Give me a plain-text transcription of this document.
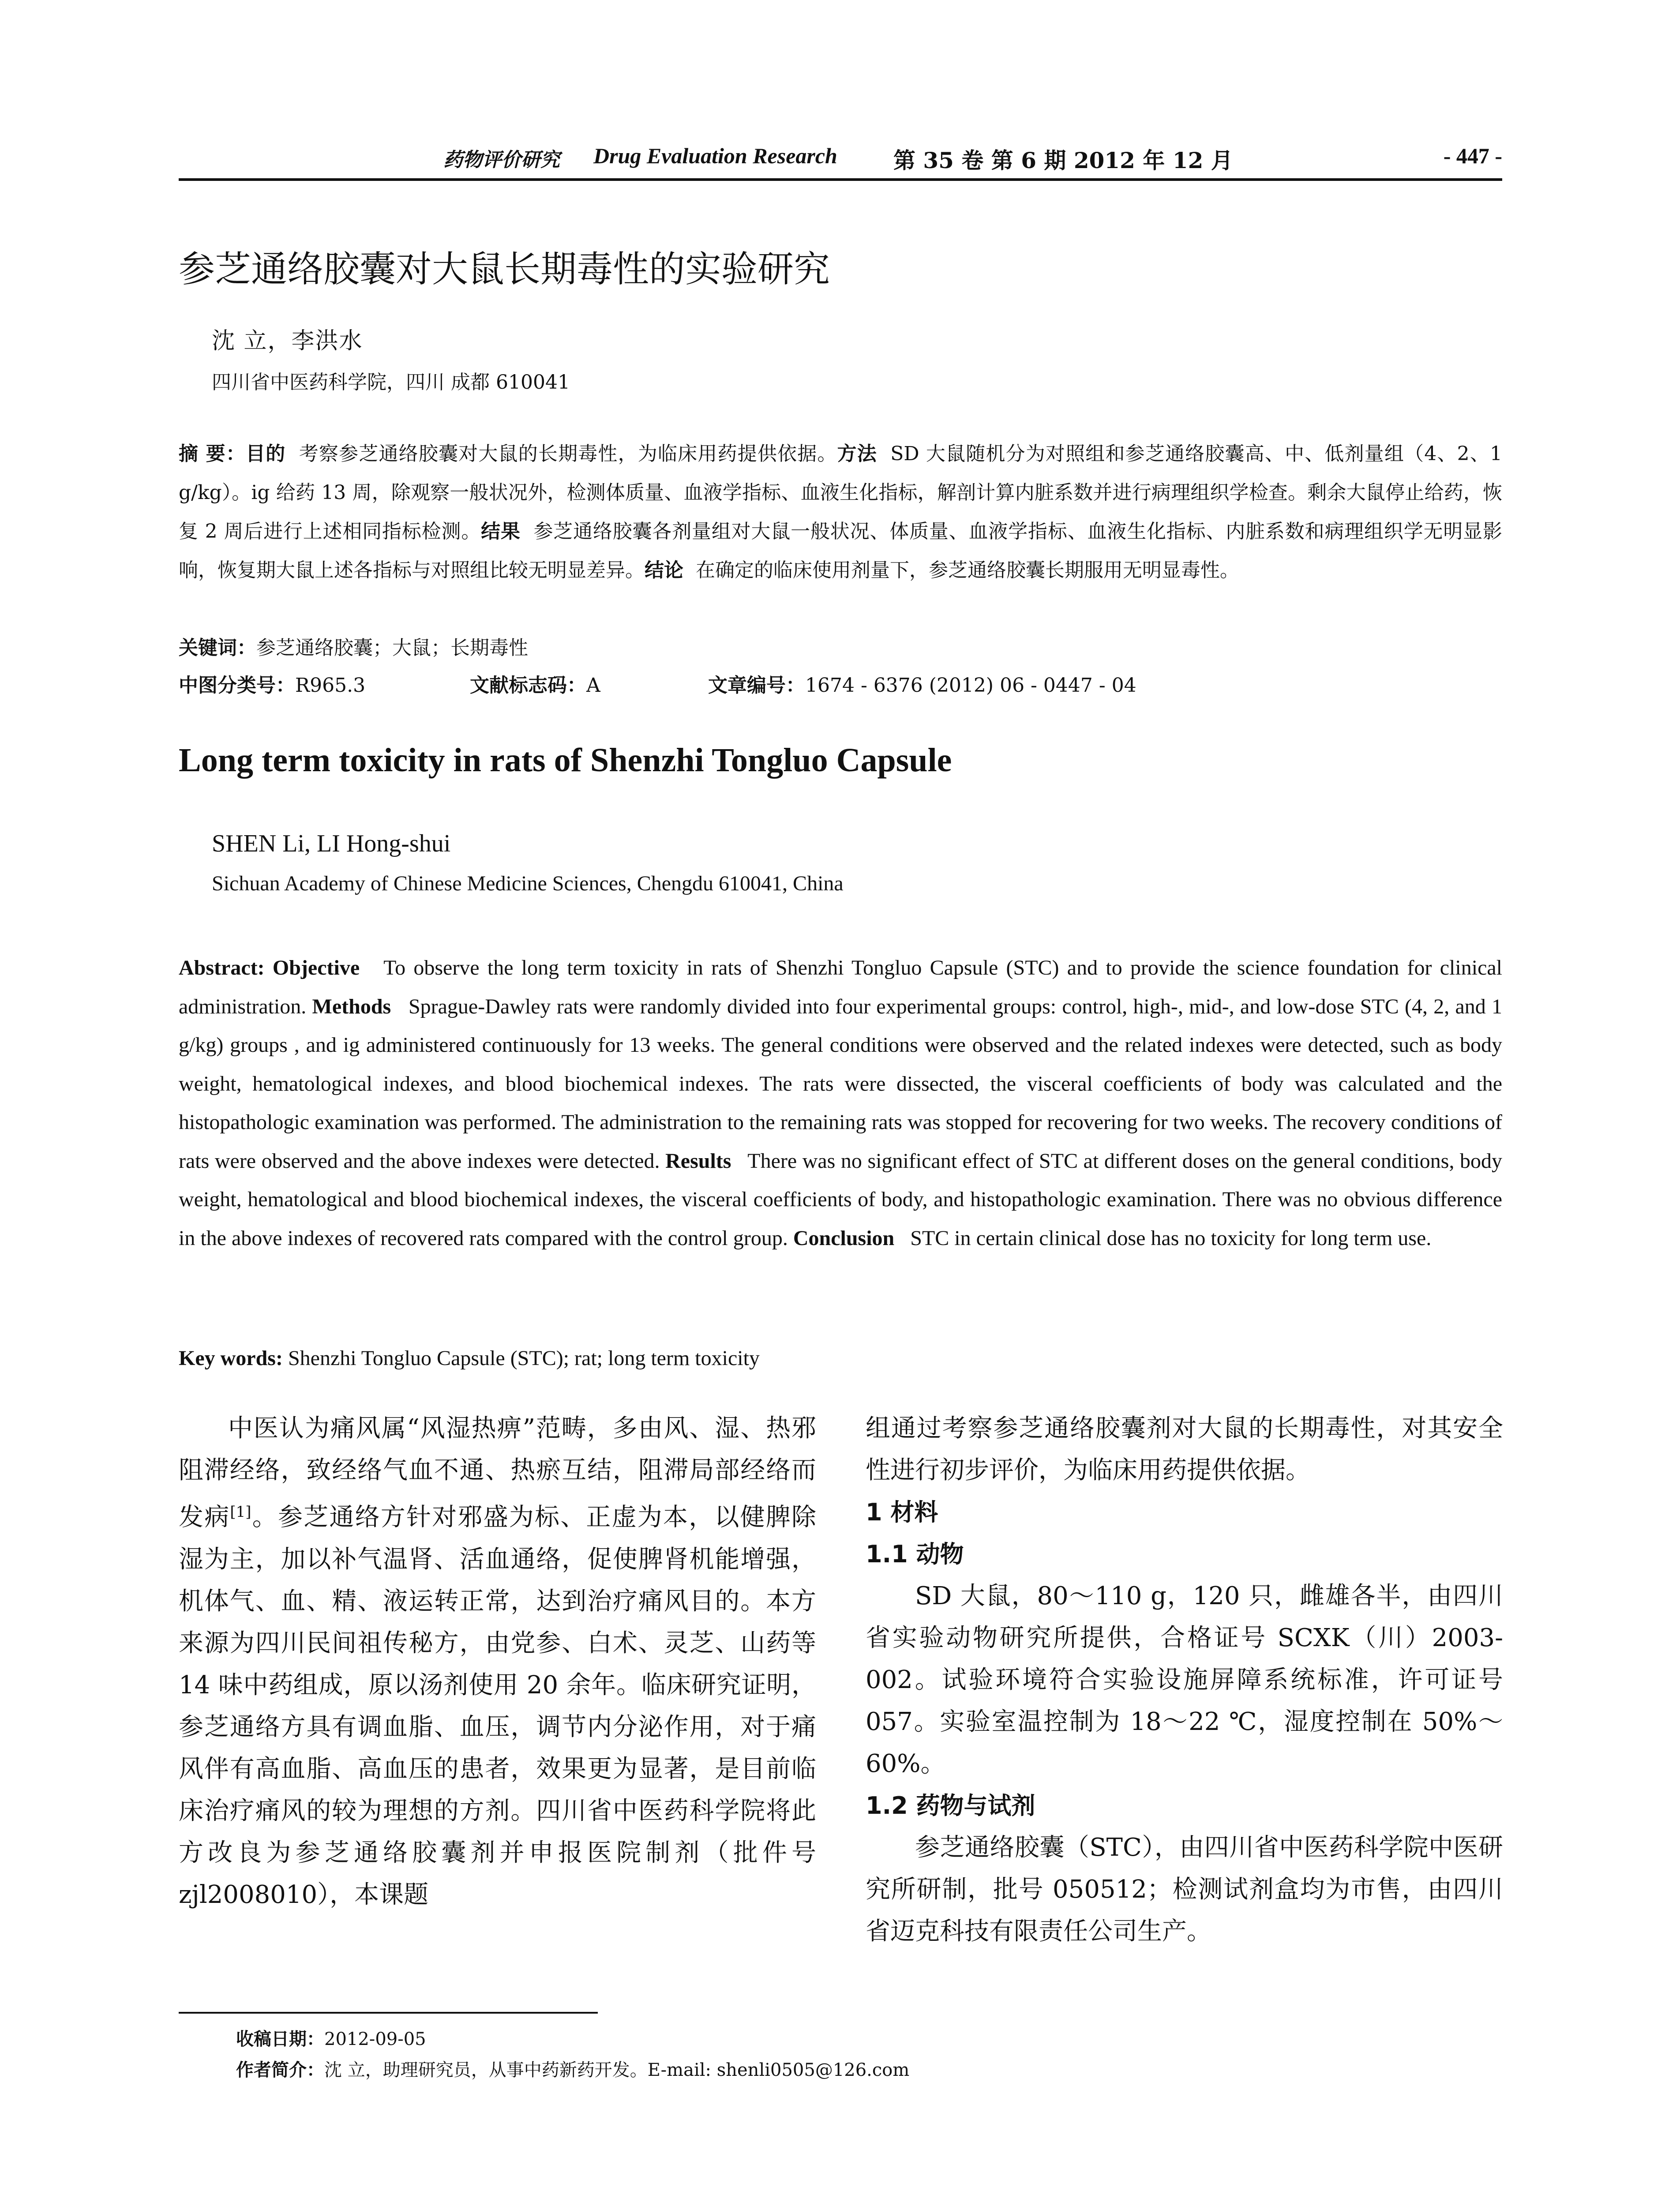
药物评价研究 Drug Evaluation Research	第 35 卷 第 6 期 2012 年 12 月	- 447 -
参芝通络胶囊对大鼠长期毒性的实验研究
沈 立，李洪水
四川省中医药科学院，四川 成都 610041
摘 要：目的 考察参芝通络胶囊对大鼠的长期毒性，为临床用药提供依据。方法 SD 大鼠随机分为对照组和参芝通络胶囊高、中、低剂量组（4、2、1 g/kg）。ig 给药 13 周，除观察一般状况外，检测体质量、血液学指标、血液生化指标，解剖计算内脏系数并进行病理组织学检查。剩余大鼠停止给药，恢复 2 周后进行上述相同指标检测。结果 参芝通络胶囊各剂量组对大鼠一般状况、体质量、血液学指标、血液生化指标、内脏系数和病理组织学无明显影响，恢复期大鼠上述各指标与对照组比较无明显差异。结论 在确定的临床使用剂量下，参芝通络胶囊长期服用无明显毒性。
关键词：参芝通络胶囊；大鼠；长期毒性
中图分类号：R965.3	文献标志码：A	文章编号：1674 - 6376 (2012) 06 - 0447 - 04
Long term toxicity in rats of Shenzhi Tongluo Capsule
SHEN Li, LI Hong-shui
Sichuan Academy of Chinese Medicine Sciences, Chengdu 610041, China
Abstract: Objective To observe the long term toxicity in rats of Shenzhi Tongluo Capsule (STC) and to provide the science foundation for clinical administration. Methods Sprague-Dawley rats were randomly divided into four experimental groups: control, high-, mid-, and low-dose STC (4, 2, and 1 g/kg) groups , and ig administered continuously for 13 weeks. The general conditions were observed and the related indexes were detected, such as body weight, hematological indexes, and blood biochemical indexes. The rats were dissected, the visceral coefficients of body was calculated and the histopathologic examination was performed. The administration to the remaining rats was stopped for recovering for two weeks. The recovery conditions of rats were observed and the above indexes were detected. Results There was no significant effect of STC at different doses on the general conditions, body weight, hematological and blood biochemical indexes, the visceral coefficients of body, and histopathologic examination. There was no obvious difference in the above indexes of recovered rats compared with the control group. Conclusion STC in certain clinical dose has no toxicity for long term use.
Key words: Shenzhi Tongluo Capsule (STC); rat; long term toxicity

中医认为痛风属“风湿热痹”范畴，多由风、湿、热邪阻滞经络，致经络气血不通、热瘀互结，阻滞局部经络而发病[1]。参芝通络方针对邪盛为标、正虚为本，以健脾除湿为主，加以补气温肾、活血通络，促使脾肾机能增强，机体气、血、精、液运转正常，达到治疗痛风目的。本方来源为四川民间祖传秘方，由党参、白术、灵芝、山药等 14 味中药组成，原以汤剂使用 20 余年。临床研究证明，参芝通络方具有调血脂、血压，调节内分泌作用，对于痛风伴有高血脂、高血压的患者，效果更为显著，是目前临床治疗痛风的较为理想的方剂。四川省中医药科学院将此方改良为参芝通络胶囊剂并申报医院制剂（批件号 zjl2008010），本课题

组通过考察参芝通络胶囊剂对大鼠的长期毒性，对其安全性进行初步评价，为临床用药提供依据。

1 材料

1.1 动物

SD 大鼠，80～110 g，120 只，雌雄各半，由四川省实验动物研究所提供，合格证号 SCXK（川）2003-002。试验环境符合实验设施屏障系统标准，许可证号 057。实验室温控制为 18～22 ℃，湿度控制在 50%～60%。

1.2 药物与试剂

参芝通络胶囊（STC），由四川省中医药科学院中医研究所研制，批号 050512；检测试剂盒均为市售，由四川省迈克科技有限责任公司生产。

收稿日期：2012-09-05
作者简介：沈 立，助理研究员，从事中药新药开发。E-mail: shenli0505@126.com
